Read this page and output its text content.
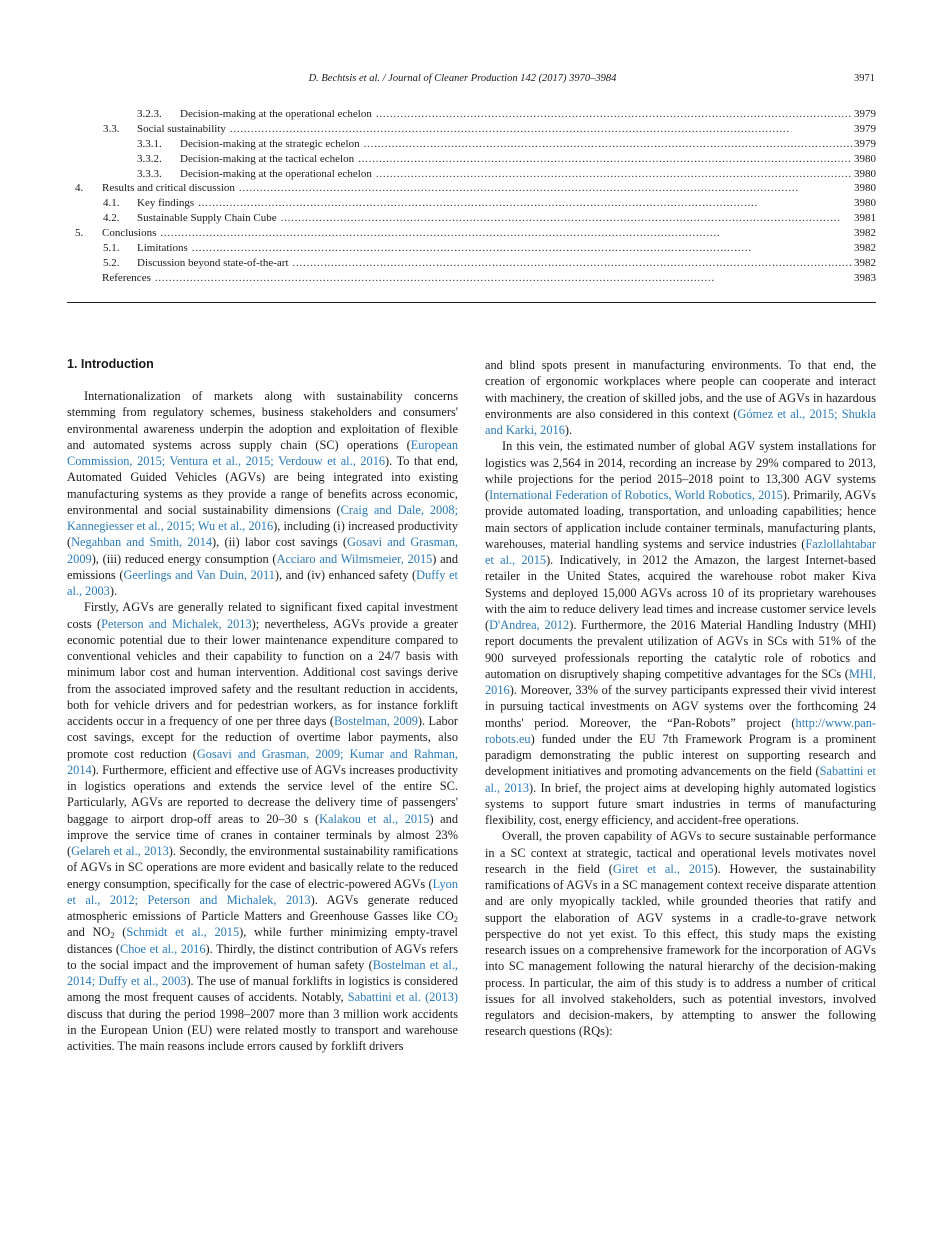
D. Bechtsis et al. / Journal of Cleaner Production 142 (2017) 3970–3984	3971
3.2.3.	Decision-making at the operational echelon . . .	3979
3.3.	Social sustainability . . .	3979
3.3.1.	Decision-making at the strategic echelon . . .	3979
3.3.2.	Decision-making at the tactical echelon . . .	3980
3.3.3.	Decision-making at the operational echelon . . .	3980
4.	Results and critical discussion . . .	3980
4.1.	Key findings . . .	3980
4.2.	Sustainable Supply Chain Cube . . .	3981
5.	Conclusions . . .	3982
5.1.	Limitations . . .	3982
5.2.	Discussion beyond state-of-the-art . . .	3982
References . . .	3983
1. Introduction

Internationalization of markets along with sustainability concerns stemming from regulatory schemes, business stakeholders and consumers' environmental awareness underpin the adoption and exploitation of flexible and automated systems across supply chain (SC) operations (European Commission, 2015; Ventura et al., 2015; Verdouw et al., 2016). To that end, Automated Guided Vehicles (AGVs) are being integrated into existing manufacturing systems as they provide a range of benefits across economic, environmental and social sustainability dimensions (Craig and Dale, 2008; Kannegiesser et al., 2015; Wu et al., 2016), including (i) increased productivity (Negahban and Smith, 2014), (ii) labor cost savings (Gosavi and Grasman, 2009), (iii) reduced energy consumption (Acciaro and Wilmsmeier, 2015) and emissions (Geerlings and Van Duin, 2011), and (iv) enhanced safety (Duffy et al., 2003).

Firstly, AGVs are generally related to significant fixed capital investment costs (Peterson and Michalek, 2013); nevertheless, AGVs provide a greater economic potential due to their lower maintenance expenditure compared to conventional vehicles and their capability to function on a 24/7 basis with minimum labor cost and human intervention. Additional cost savings derive from the associated improved safety and the resultant reduction in accidents, both for vehicle drivers and for pedestrian workers, as for instance forklift accidents occur in a frequency of one per three days (Bostelman, 2009). Labor cost savings, except for the reduction of overtime labor payments, also promote cost reduction (Gosavi and Grasman, 2009; Kumar and Rahman, 2014). Furthermore, efficient and effective use of AGVs increases productivity in logistics operations and extends the service level of the entire SC. Particularly, AGVs are reported to decrease the delivery time of passengers' baggage to airport drop-off areas to 20–30 s (Kalakou et al., 2015) and improve the service time of cranes in container terminals by almost 23% (Gelareh et al., 2013). Secondly, the environmental sustainability ramifications of AGVs in SC operations are more evident and basically relate to the reduced energy consumption, specifically for the case of electric-powered AGVs (Lyon et al., 2012; Peterson and Michalek, 2013). AGVs generate reduced atmospheric emissions of Particle Matters and Greenhouse Gasses like $CO_2$ and $NO_2$ (Schmidt et al., 2015), while further minimizing empty-travel distances (Choe et al., 2016). Thirdly, the distinct contribution of AGVs refers to the social impact and the improvement of human safety (Bostelman et al., 2014; Duffy et al., 2003). The use of manual forklifts in logistics is considered among the most frequent causes of accidents. Notably, Sabattini et al. (2013) discuss that during the period 1998–2007 more than 3 million work accidents in the European Union (EU) were related mostly to transport and warehouse activities. The main reasons include errors caused by forklift drivers

and blind spots present in manufacturing environments. To that end, the creation of ergonomic workplaces where people can cooperate and interact with machinery, the creation of skilled jobs, and the use of AGVs in hazardous environments are also considered in this context (Gómez et al., 2015; Shukla and Karki, 2016).

In this vein, the estimated number of global AGV system installations for logistics was 2,564 in 2014, recording an increase by 29% compared to 2013, while projections for the period 2015–2018 point to 13,300 AGV systems (International Federation of Robotics, World Robotics, 2015). Primarily, AGVs provide automated loading, transportation, and unloading capabilities; hence main sectors of application include container terminals, manufacturing plants, warehouses, material handling systems and service industries (Fazlollahtabar et al., 2015). Indicatively, in 2012 the Amazon, the largest Internet-based retailer in the United States, acquired the warehouse robot maker Kiva Systems and deployed 15,000 AGVs across 10 of its proprietary warehouses with the aim to reduce delivery lead times and increase customer service levels (D'Andrea, 2012). Furthermore, the 2016 Material Handling Industry (MHI) report documents the prevalent utilization of AGVs in SCs with 51% of the 900 surveyed professionals reporting the catalytic role of robotics and automation on disruptively shaping competitive advantages for the SCs (MHI, 2016). Moreover, 33% of the survey participants expressed their vivid interest in pursuing tactical investments on AGV systems over the forthcoming 24 months' period. Moreover, the “Pan-Robots” project (http://www.pan-robots.eu) funded under the EU 7th Framework Program is a prominent paradigm demonstrating the public interest on supporting research and development initiatives and promoting advancements on the field (Sabattini et al., 2013). In brief, the project aims at developing highly automated logistics systems to support future smart industries in terms of manufacturing flexibility, cost, energy efficiency, and accident-free operations.

Overall, the proven capability of AGVs to secure sustainable performance in a SC context at strategic, tactical and operational levels motivates novel research in the field (Giret et al., 2015). However, the sustainability ramifications of AGVs in a SC management context receive disparate attention and are only myopically tackled, while grounded theories that ratify and support the elaboration of AGV systems in a cradle-to-grave network perspective do not yet exist. To this effect, this study maps the existing research issues on a comprehensive framework for the incorporation of AGVs into SC management following the natural hierarchy of the decision-making process. In particular, the aim of this study is to address a number of critical issues for all involved stakeholders, such as potential investors, involved regulators and decision-makers, by attempting to answer the following research questions (RQs):
